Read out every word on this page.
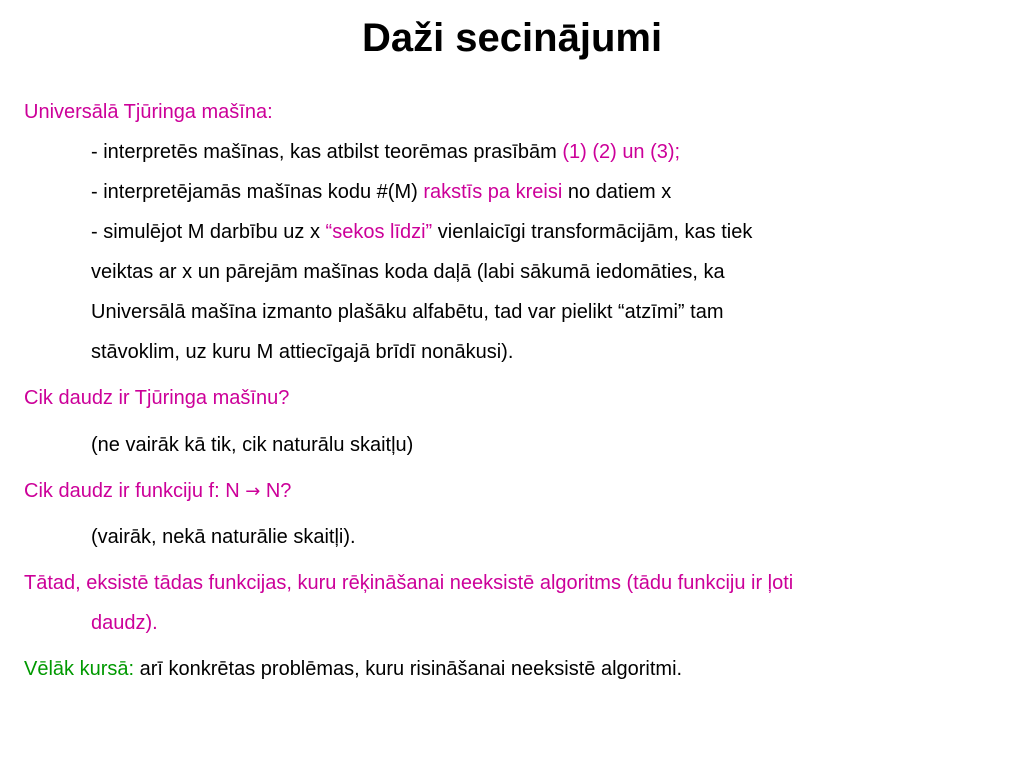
Daži secinājumi
Universālā Tjūringa mašīna:
- interpretēs mašīnas, kas atbilst teorēmas prasībām (1) (2) un (3);
- interpretējamās mašīnas kodu #(M) rakstīs pa kreisi no datiem x
- simulējot M darbību uz x “sekos līdzi” vienlaicīgi transformācijām, kas tiek
veiktas ar x un pārejām mašīnas koda daļā (labi sākumā iedomāties, ka
Universālā mašīna izmanto plašāku alfabētu, tad var pielikt “atzīmi” tam
stāvoklim, uz kuru M attiecīgajā brīdī nonākusi).
Cik daudz ir Tjūringa mašīnu?
(ne vairāk kā tik, cik naturālu skaitļu)
Cik daudz ir funkciju f: N → N?
(vairāk, nekā naturālie skaitļi).
Tātad, eksistē tādas funkcijas, kuru rēķināšanai neeksistē algoritms (tādu funkciju ir ļoti
daudz).
Vēlāk kursā: arī konkrētas problēmas, kuru risināšanai neeksistē algoritmi.
